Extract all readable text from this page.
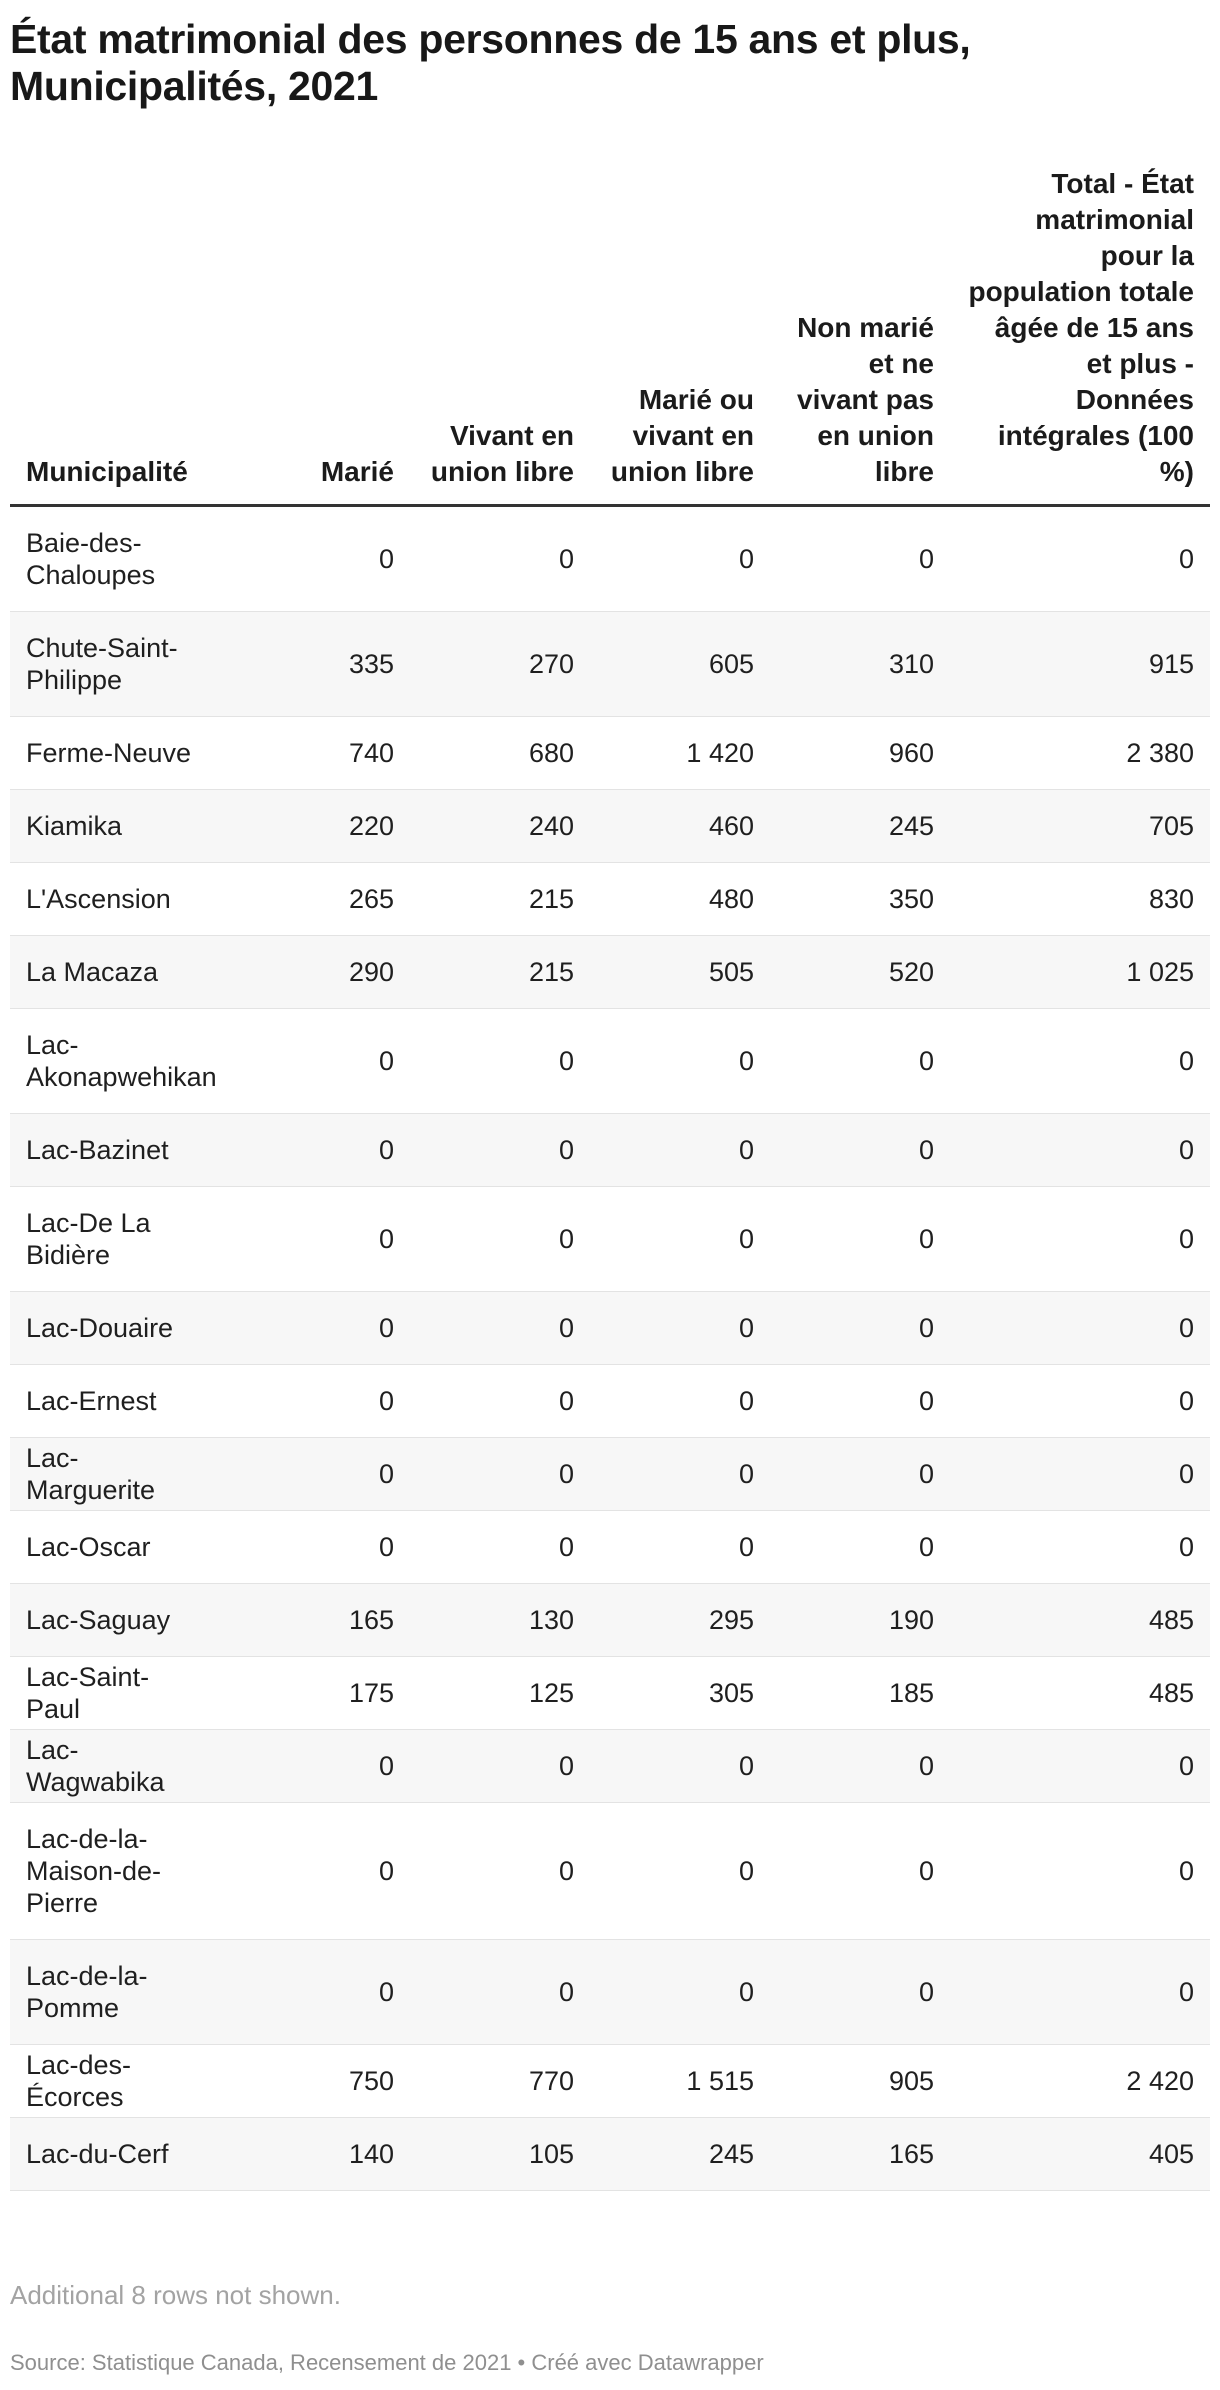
État matrimonial des personnes de 15 ans et plus,
Municipalités, 2021
Municipalité	Marié	Vivant en union libre	Marié ou vivant en union libre	Non marié et ne vivant pas en union libre	Total - État matrimonial pour la population totale âgée de 15 ans et plus - Données intégrales (100 %)
Baie-des-Chaloupes	0	0	0	0	0
Chute-Saint-Philippe	335	270	605	310	915
Ferme-Neuve	740	680	1 420	960	2 380
Kiamika	220	240	460	245	705
L'Ascension	265	215	480	350	830
La Macaza	290	215	505	520	1 025
Lac-Akonapwehikan	0	0	0	0	0
Lac-Bazinet	0	0	0	0	0
Lac-De La Bidière	0	0	0	0	0
Lac-Douaire	0	0	0	0	0
Lac-Ernest	0	0	0	0	0
Lac-Marguerite	0	0	0	0	0
Lac-Oscar	0	0	0	0	0
Lac-Saguay	165	130	295	190	485
Lac-Saint-Paul	175	125	305	185	485
Lac-Wagwabika	0	0	0	0	0
Lac-de-la-Maison-de-Pierre	0	0	0	0	0
Lac-de-la-Pomme	0	0	0	0	0
Lac-des-Écorces	750	770	1 515	905	2 420
Lac-du-Cerf	140	105	245	165	405
Additional 8 rows not shown.
Source: Statistique Canada, Recensement de 2021 • Créé avec Datawrapper
